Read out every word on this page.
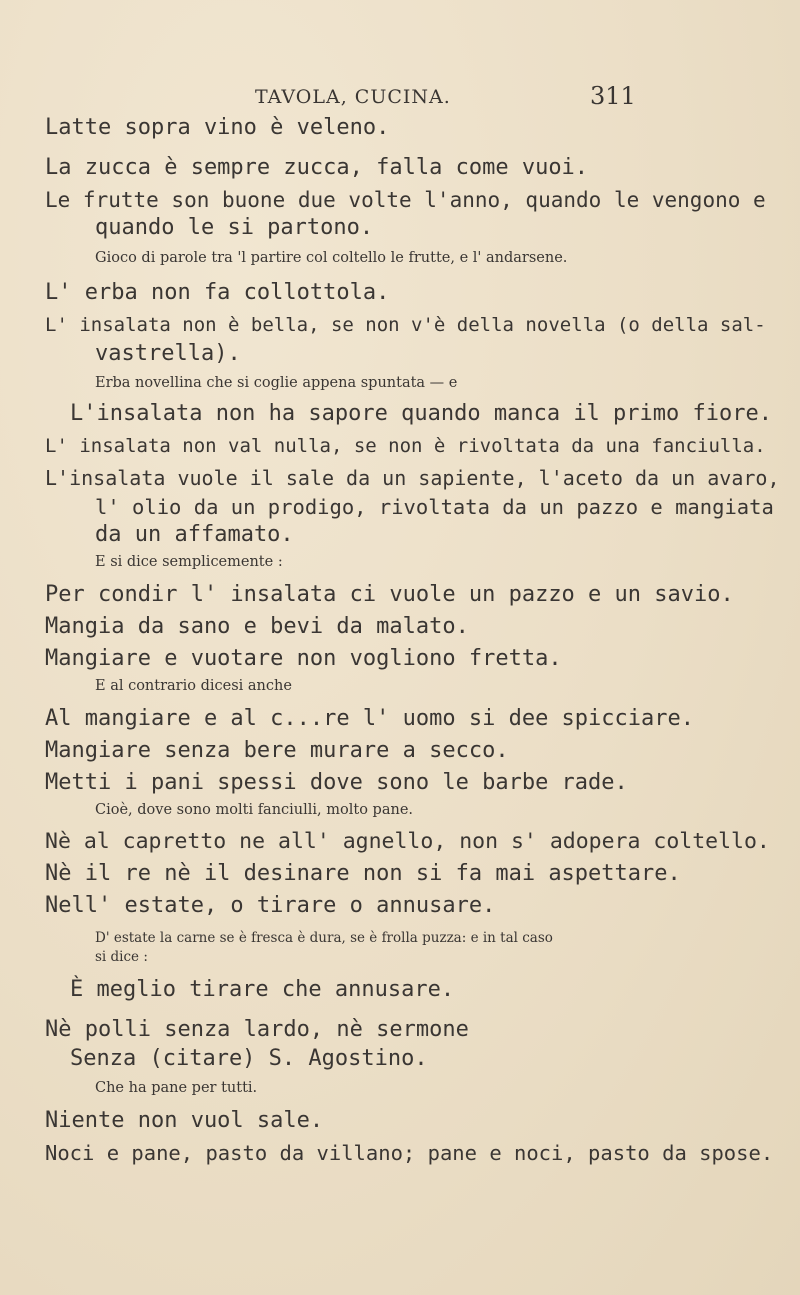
TAVOLA, CUCINA.	311
Latte sopra vino è veleno.
La zucca è sempre zucca, falla come vuoi.
Le frutte son buone due volte l'anno, quando le vengono e
quando le si partono.
Gioco di parole tra 'l partire col coltello le frutte, e l' andarsene.
L' erba non fa collottola.
L' insalata non è bella, se non v'è della novella (o della sal-
vastrella).
Erba novellina che si coglie appena spuntata — e
L'insalata non ha sapore quando manca il primo fiore.
L' insalata non val nulla, se non è rivoltata da una fanciulla.
L'insalata vuole il sale da un sapiente, l'aceto da un avaro,
l' olio da un prodigo, rivoltata da un pazzo e mangiata
da un affamato.
E si dice semplicemente :
Per condir l' insalata ci vuole un pazzo e un savio.
Mangia da sano e bevi da malato.
Mangiare e vuotare non vogliono fretta.
E al contrario dicesi anche
Al mangiare e al c...re l' uomo si dee spicciare.
Mangiare senza bere murare a secco.
Metti i pani spessi dove sono le barbe rade.
Cioè, dove sono molti fanciulli, molto pane.
Nè al capretto ne all' agnello, non s' adopera coltello.
Nè il re nè il desinare non si fa mai aspettare.
Nell' estate, o tirare o annusare.
D' estate la carne se è fresca è dura, se è frolla puzza: e in tal caso
si dice :
È meglio tirare che annusare.
Nè polli senza lardo, nè sermone
Senza (citare) S. Agostino.
Che ha pane per tutti.
Niente non vuol sale.
Noci e pane, pasto da villano; pane e noci, pasto da spose.
